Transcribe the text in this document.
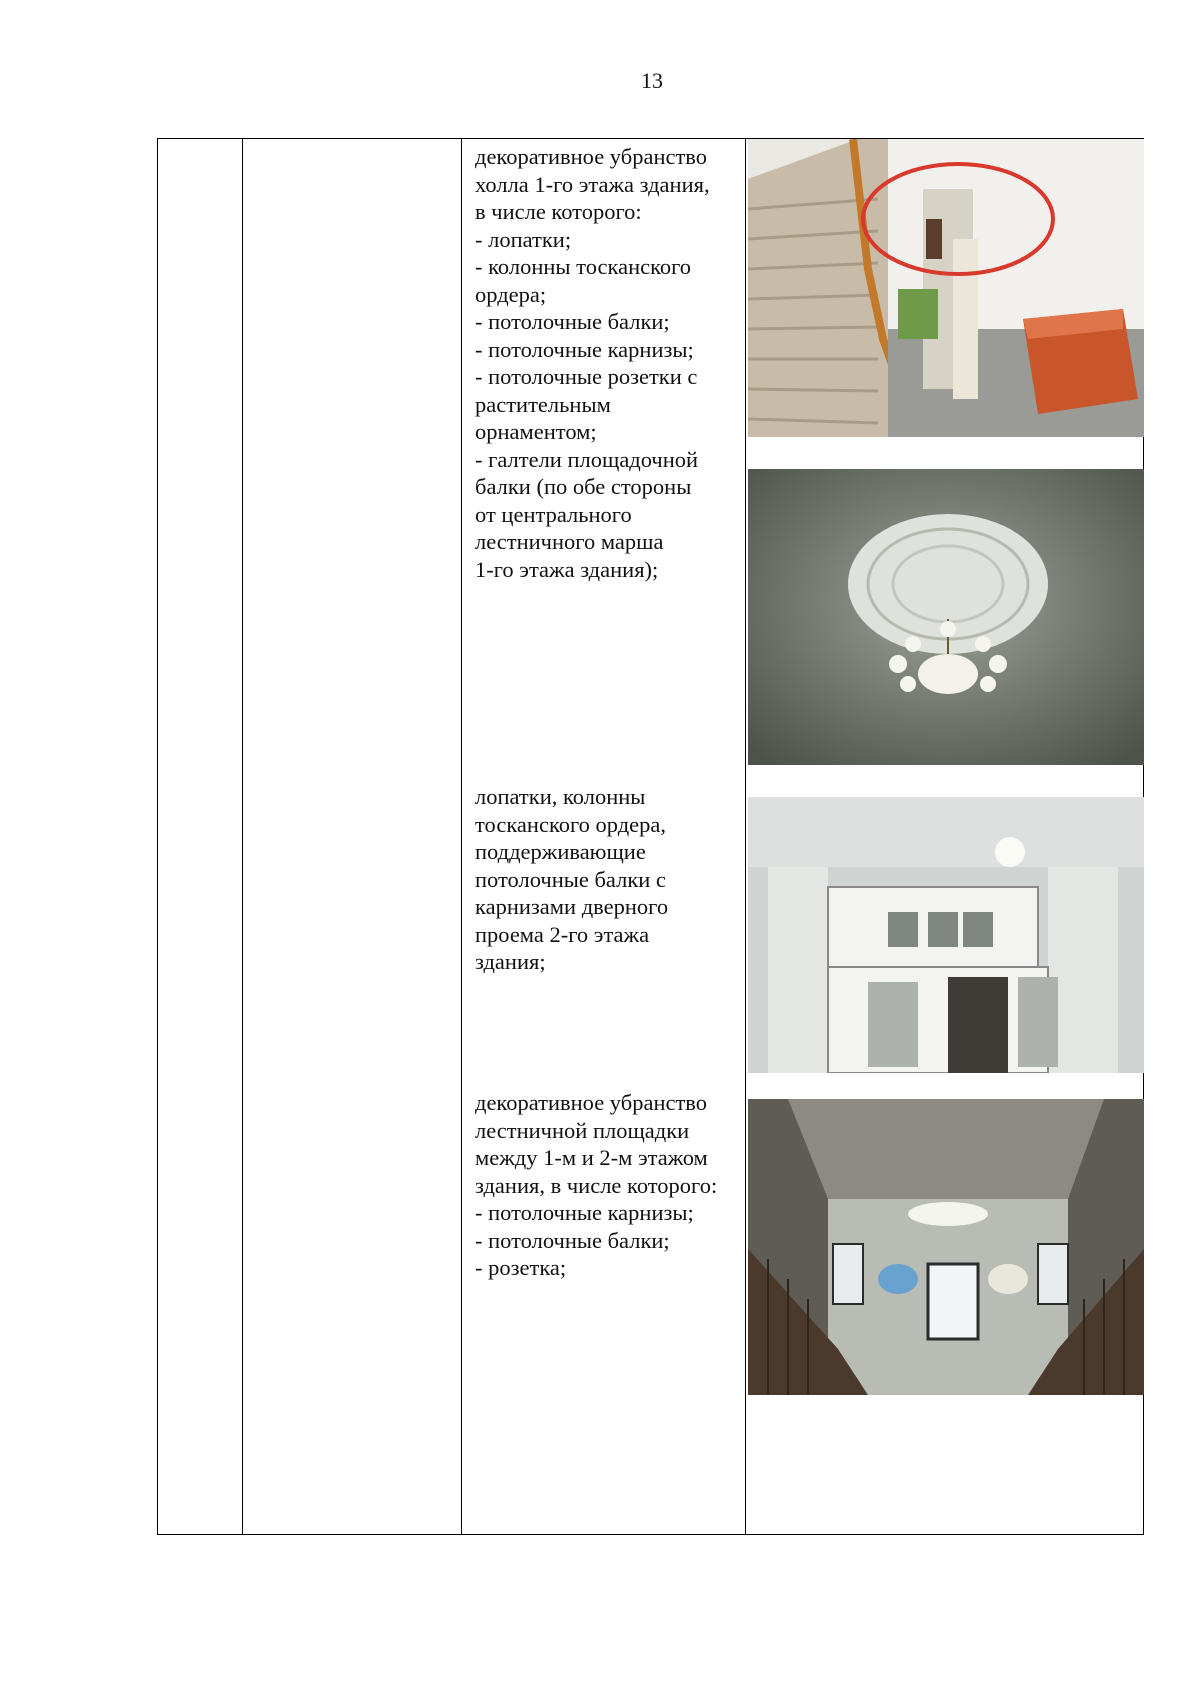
13
декоративное убранство
холла 1-го этажа здания,
в числе которого:
- лопатки;
- колонны тосканского
ордера;
- потолочные балки;
- потолочные карнизы;
- потолочные розетки с
растительным
орнаментом;
- галтели площадочной
балки (по обе стороны
от центрального
лестничного марша
1-го этажа здания);
лопатки, колонны
тосканского ордера,
поддерживающие
потолочные балки с
карнизами дверного
проема 2-го этажа
здания;
декоративное убранство
лестничной площадки
между 1-м и 2-м этажом
здания, в числе которого:
- потолочные карнизы;
- потолочные балки;
- розетка;
